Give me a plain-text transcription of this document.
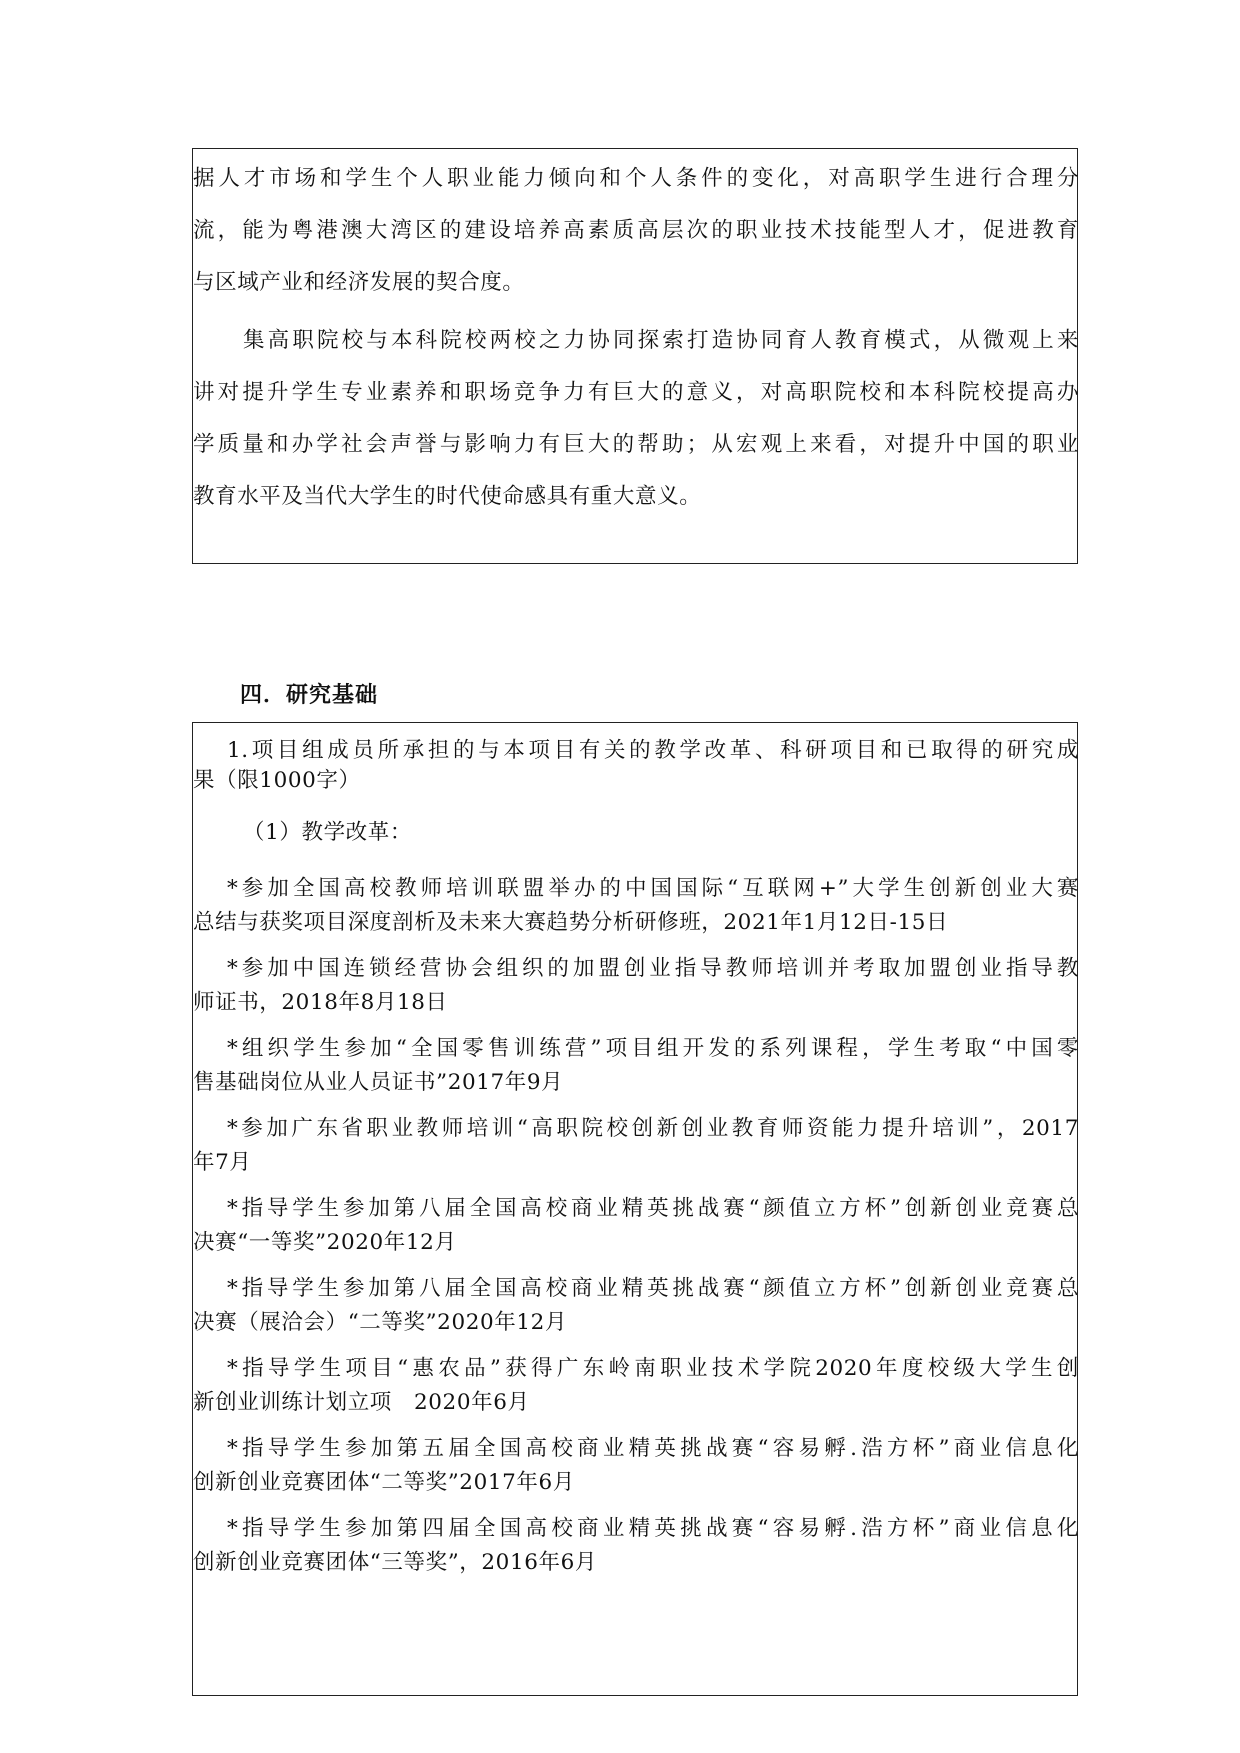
据人才市场和学生个人职业能力倾向和个人条件的变化，对高职学生进行合理分
流，能为粤港澳大湾区的建设培养高素质高层次的职业技术技能型人才，促进教育
与区域产业和经济发展的契合度。
集高职院校与本科院校两校之力协同探索打造协同育人教育模式，从微观上来
讲对提升学生专业素养和职场竞争力有巨大的意义，对高职院校和本科院校提高办
学质量和办学社会声誉与影响力有巨大的帮助；从宏观上来看，对提升中国的职业
教育水平及当代大学生的时代使命感具有重大意义。
四．研究基础
1.项目组成员所承担的与本项目有关的教学改革、科研项目和已取得的研究成
果（限1000字）
（1）教学改革：
*参加全国高校教师培训联盟举办的中国国际“互联网+”大学生创新创业大赛
总结与获奖项目深度剖析及未来大赛趋势分析研修班，2021年1月12日-15日
*参加中国连锁经营协会组织的加盟创业指导教师培训并考取加盟创业指导教
师证书，2018年8月18日
*组织学生参加“全国零售训练营”项目组开发的系列课程，学生考取“中国零
售基础岗位从业人员证书”2017年9月
*参加广东省职业教师培训“高职院校创新创业教育师资能力提升培训”，2017
年7月
*指导学生参加第八届全国高校商业精英挑战赛“颜值立方杯”创新创业竞赛总
决赛“一等奖”2020年12月
*指导学生参加第八届全国高校商业精英挑战赛“颜值立方杯”创新创业竞赛总
决赛（展洽会）“二等奖”2020年12月
*指导学生项目“惠农品”获得广东岭南职业技术学院2020年度校级大学生创
新创业训练计划立项　2020年6月
*指导学生参加第五届全国高校商业精英挑战赛“容易孵.浩方杯”商业信息化
创新创业竞赛团体“二等奖”2017年6月
*指导学生参加第四届全国高校商业精英挑战赛“容易孵.浩方杯”商业信息化
创新创业竞赛团体“三等奖”，2016年6月
